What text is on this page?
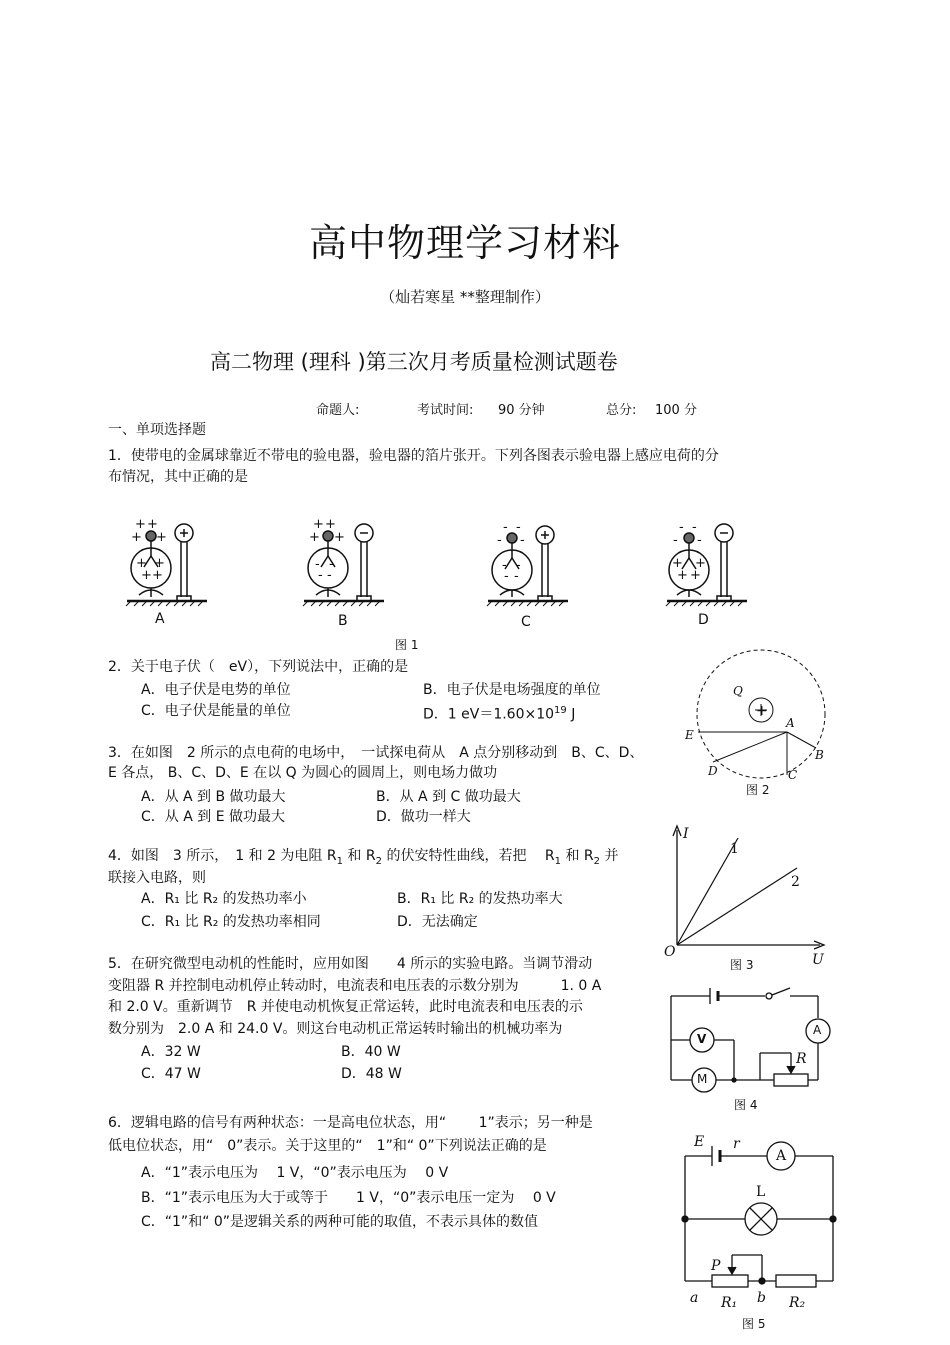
高中物理学习材料
（灿若寒星 **整理制作）
高二物理 (理科 )第三次月考质量检测试题卷
命题人:	考试时间: 90 分钟	总分: 100 分
一、单项选择题
1．使带电的金属球靠近不带电的验电器，验电器的箔片张开。下列各图表示验电器上感应电荷的分
布情况，其中正确的是
+ +
+ +
+ +
+ +
+ +
+ +
- -
- -
- -
- -
- -
- -
- -
- -
+ +
+ +
A	B	C	D
图 1
2．关于电子伏（　eV），下列说法中，正确的是
A．电子伏是电势的单位	B．电子伏是电场强度的单位
C．电子伏是能量的单位	D．1 $eV=1.60\times 10^{19}$ J
Q
A
E
B
D	C
图 2
3．在如图　2 所示的点电荷的电场中，　一试探电荷从　A 点分别移动到　B、C、D、
E 各点， B、C、D、E 在以 Q 为圆心的圆周上，则电场力做功
A．从 A 到 B 做功最大	B．从 A 到 C 做功最大
C．从 A 到 E 做功最大	D．做功一样大
I
1
2
O	U
图 3
4．如图　3 所示，　1 和 2 为电阻 $R_1$ 和 $R_2$ 的伏安特性曲线，若把　 $R_1$ 和 $R_2$ 并
联接入电路，则
A．R₁ 比 R₂ 的发热功率小	B．R₁ 比 R₂ 的发热功率大
C．R₁ 比 R₂ 的发热功率相同	D．无法确定
5．在研究微型电动机的性能时，应用如图　　4 所示的实验电路。当调节滑动
变阻器 R 并控制电动机停止转动时，电流表和电压表的示数分别为　　　1. 0 A
和 2.0 V。重新调节　R 并使电动机恢复正常运转，此时电流表和电压表的示
数分别为　2.0 A 和 24.0 V。则这台电动机正常运转时输出的机械功率为
A．32 W	B．40 W
C．47 W	D．48 W
V
A
M
R
图 4
6．逻辑电路的信号有两种状态：一是高电位状态，用“　　 1”表示；另一种是
低电位状态，用“　0”表示。关于这里的“　1”和“ 0”下列说法正确的是
A．“1”表示电压为　 1 V，“0”表示电压为　 0 V
B．“1”表示电压为大于或等于　　1 V，“0”表示电压一定为　 0 V
C．“1”和“ 0”是逻辑关系的两种可能的取值，不表示具体的数值
E r
A
L
P
a R₁ b R₂
图 5
+
